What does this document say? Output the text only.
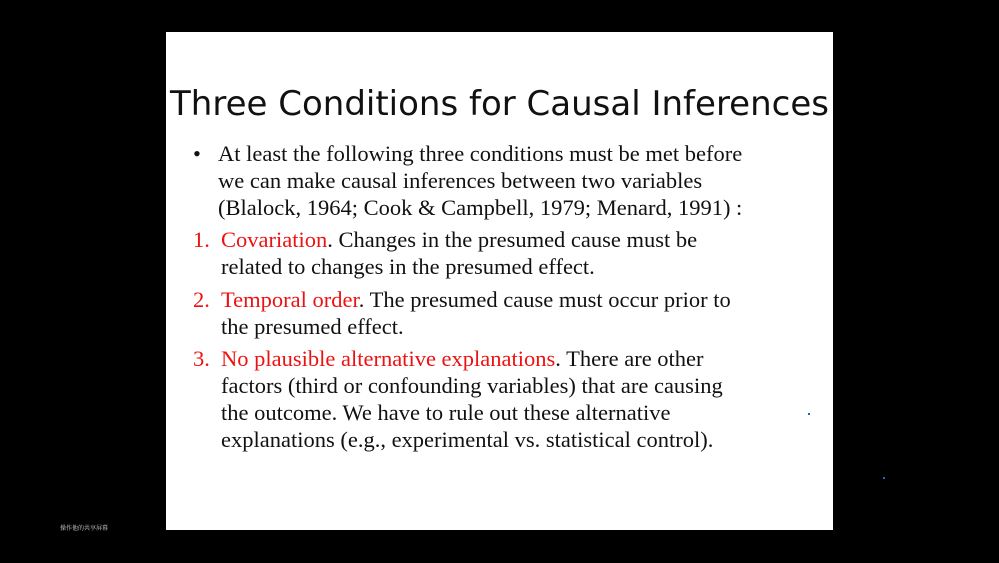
Three Conditions for Causal Inferences
• At least the following three conditions must be met before
we can make causal inferences between two variables
(Blalock, 1964; Cook & Campbell, 1979; Menard, 1991) :
1. Covariation. Changes in the presumed cause must be
related to changes in the presumed effect.
2. Temporal order. The presumed cause must occur prior to
the presumed effect.
3. No plausible alternative explanations. There are other
factors (third or confounding variables) that are causing
the outcome. We have to rule out these alternative
explanations (e.g., experimental vs. statistical control).
操作他的共享屏幕
